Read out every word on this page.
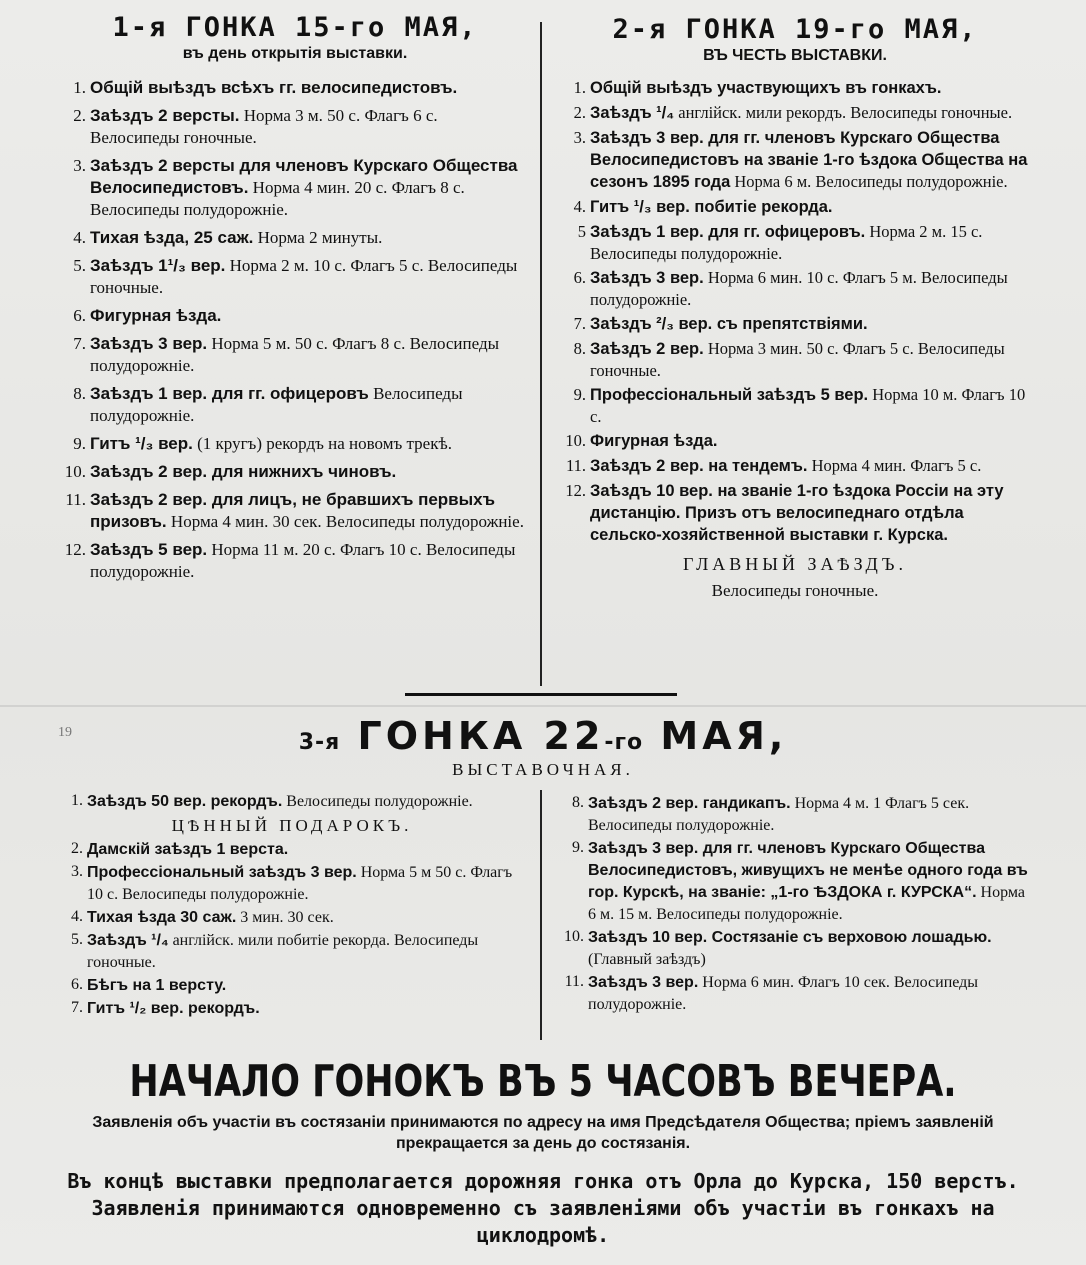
1-я ГОНКА 15-го МАЯ,
въ день открытія выставки.
1. Общій выѣздъ всѣхъ гг. велосипедистовъ.
2. Заѣздъ 2 версты. Норма 3 м. 50 с. Флагъ 6 с. Велосипеды гоночные.
3. Заѣздъ 2 версты для членовъ Курскаго Общества Велосипедистовъ. Норма 4 мин. 20 с. Флагъ 8 с. Велосипеды полудорожніе.
4. Тихая ѣзда, 25 саж. Норма 2 минуты.
5. Заѣздъ 1¹/₃ вер. Норма 2 м. 10 с. Флагъ 5 с. Велосипеды гоночные.
6. Фигурная ѣзда.
7. Заѣздъ 3 вер. Норма 5 м. 50 с. Флагъ 8 с. Велосипеды полудорожніе.
8. Заѣздъ 1 вер. для гг. офицеровъ Велосипеды полудорожніе.
9. Гитъ ¹/₃ вер. (1 кругъ) рекордъ на новомъ трекѣ.
10. Заѣздъ 2 вер. для нижнихъ чиновъ.
11. Заѣздъ 2 вер. для лицъ, не бравшихъ первыхъ призовъ. Норма 4 мин. 30 сек. Велосипеды полудорожніе.
12. Заѣздъ 5 вер. Норма 11 м. 20 с. Флагъ 10 с. Велосипеды полудорожніе.
2-я ГОНКА 19-го МАЯ,
ВЪ ЧЕСТЬ ВЫСТАВКИ.
1. Общій выѣздъ участвующихъ въ гонкахъ.
2. Заѣздъ ¹/₄ англійск. мили рекордъ. Велосипеды гоночные.
3. Заѣздъ 3 вер. для гг. членовъ Курскаго Общества Велосипедистовъ на званіе 1-го ѣздока Общества на сезонъ 1895 года Норма 6 м. Велосипеды полудорожніе.
4. Гитъ ¹/₃ вер. побитіе рекорда.
5 Заѣздъ 1 вер. для гг. офицеровъ. Норма 2 м. 15 с. Велосипеды полудорожніе.
6. Заѣздъ 3 вер. Норма 6 мин. 10 с. Флагъ 5 м. Велосипеды полудорожніе.
7. Заѣздъ ²/₃ вер. съ препятствіями.
8. Заѣздъ 2 вер. Норма 3 мин. 50 с. Флагъ 5 с. Велосипеды гоночные.
9. Профессіональный заѣздъ 5 вер. Норма 10 м. Флагъ 10 с.
10. Фигурная ѣзда.
11. Заѣздъ 2 вер. на тендемъ. Норма 4 мин. Флагъ 5 с.
12. Заѣздъ 10 вер. на званіе 1-го ѣздока Россіи на эту дистанцію. Призъ отъ велосипеднаго отдѣла сельско-хозяйственной выставки г. Курска.
ГЛАВНЫЙ ЗАѢЗДЪ.
Велосипеды гоночные.
3-я ГОНКА 22-го МАЯ,
ВЫСТАВОЧНАЯ.
1. Заѣздъ 50 вер. рекордъ. Велосипеды полудорожніе.
ЦѢННЫЙ ПОДАРОКЪ.
2. Дамскій заѣздъ 1 верста.
3. Профессіональный заѣздъ 3 вер. Норма 5 м 50 с. Флагъ 10 с. Велосипеды полудорожніе.
4. Тихая ѣзда 30 саж. 3 мин. 30 сек.
5. Заѣздъ ¹/₄ англійск. мили побитіе рекорда. Велосипеды гоночные.
6. Бѣгъ на 1 версту.
7. Гитъ ¹/₂ вер. рекордъ.
8. Заѣздъ 2 вер. гандикапъ. Норма 4 м. 1 Флагъ 5 сек. Велосипеды полудорожніе.
9. Заѣздъ 3 вер. для гг. членовъ Курскаго Общества Велосипедистовъ, живущихъ не менѣе одного года въ гор. Курскѣ, на званіе: „1-го ѢЗДОКА г. КУРСКА“. Норма 6 м. 15 м. Велосипеды полудорожніе.
10. Заѣздъ 10 вер. Состязаніе съ верховою лошадью. (Главный заѣздъ)
11. Заѣздъ 3 вер. Норма 6 мин. Флагъ 10 сек. Велосипеды полудорожніе.
НАЧАЛО ГОНОКЪ ВЪ 5 ЧАСОВЪ ВЕЧЕРА.
Заявленія объ участіи въ состязаніи принимаются по адресу на имя Предсѣдателя Общества; пріемъ заявленій прекращается за день до состязанія.
Въ концѣ выставки предполагается дорожняя гонка отъ Орла до Курска, 150 верстъ. Заявленія принимаются одновременно съ заявленіями объ участіи въ гонкахъ на циклодромѣ.
19
